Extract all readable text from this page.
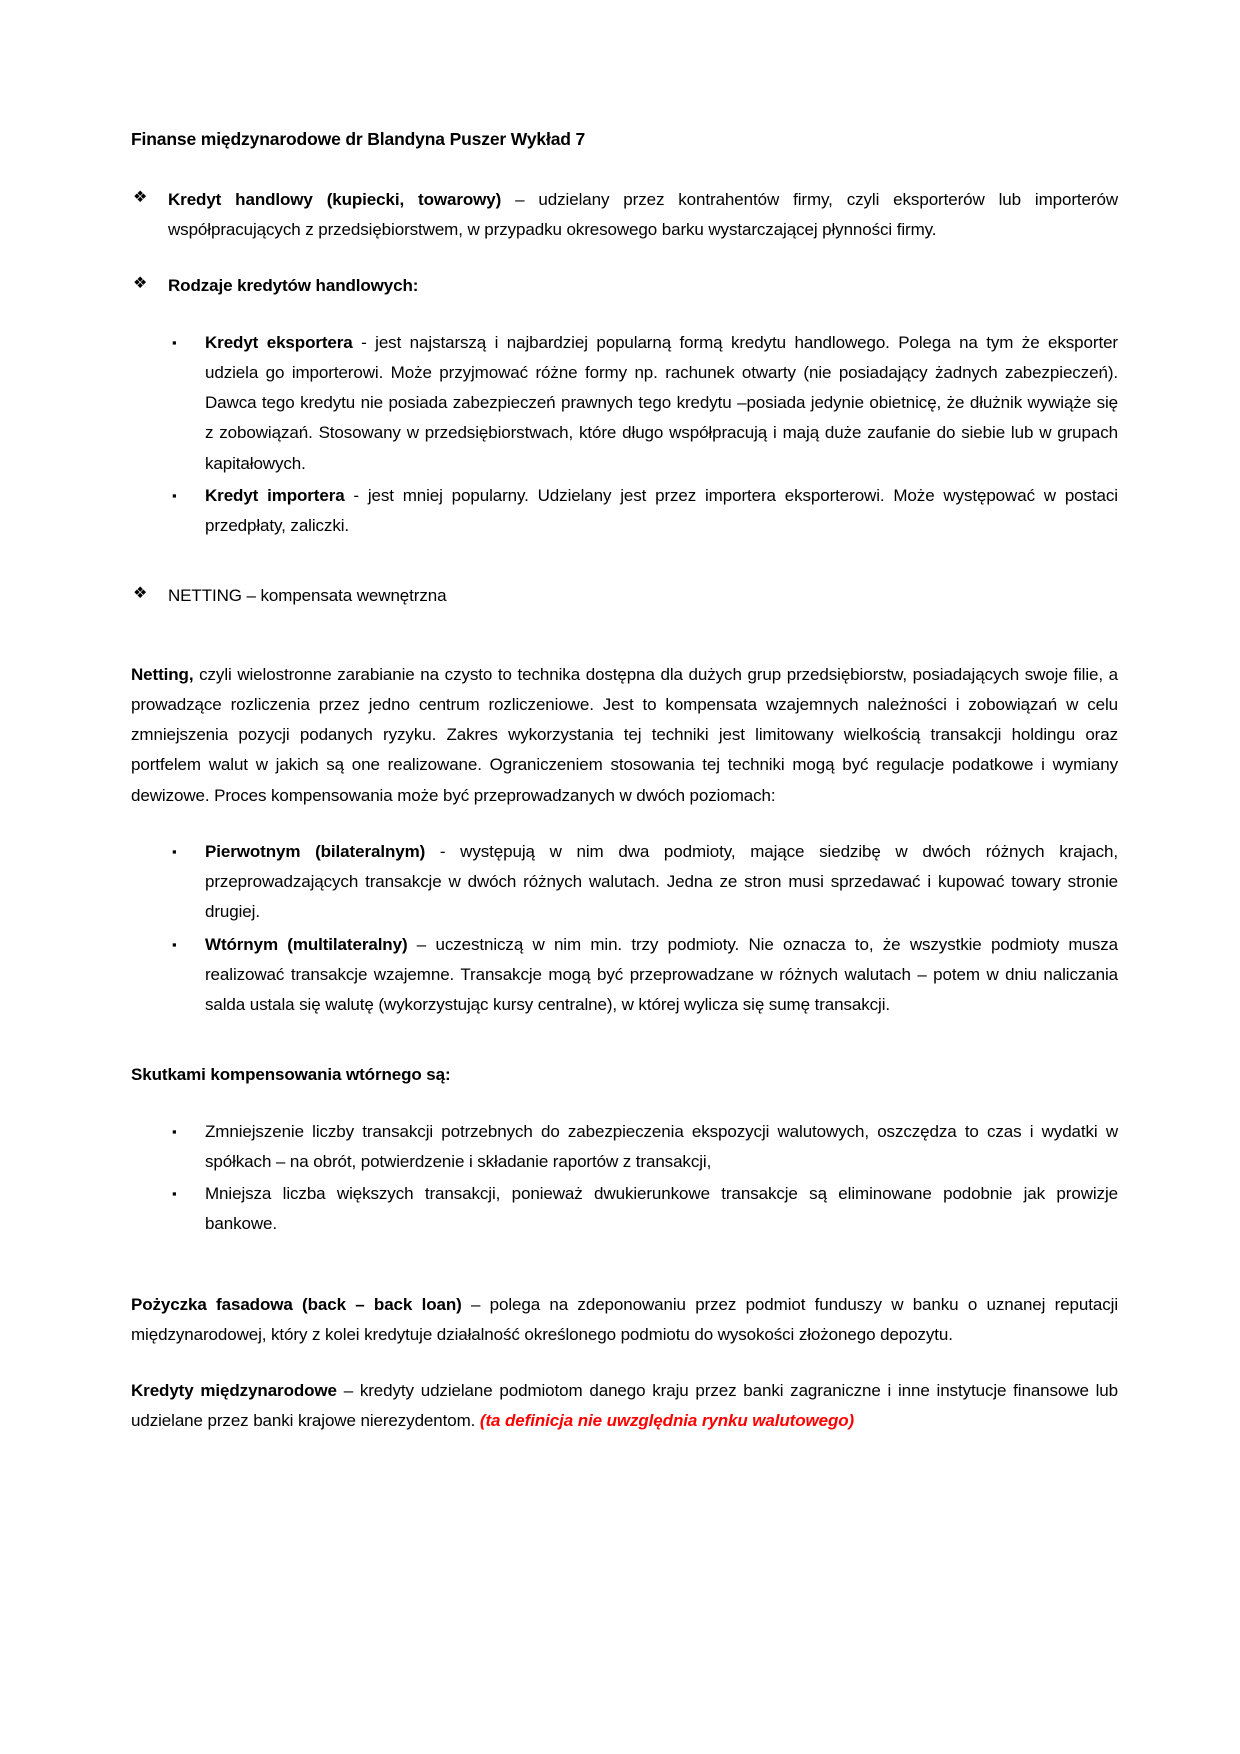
Finanse międzynarodowe dr Blandyna Puszer Wykład 7
❖ Kredyt handlowy (kupiecki, towarowy) – udzielany przez kontrahentów firmy, czyli eksporterów lub importerów współpracujących z przedsiębiorstwem, w przypadku okresowego barku wystarczającej płynności firmy.
❖ Rodzaje kredytów handlowych:
▪ Kredyt eksportera - jest najstarszą i najbardziej popularną formą kredytu handlowego. Polega na tym że eksporter udziela go importerowi. Może przyjmować różne formy np. rachunek otwarty (nie posiadający żadnych zabezpieczeń). Dawca tego kredytu nie posiada zabezpieczeń prawnych tego kredytu –posiada jedynie obietnicę, że dłużnik wywiąże się z zobowiązań. Stosowany w przedsiębiorstwach, które długo współpracują i mają duże zaufanie do siebie lub w grupach kapitałowych.
▪ Kredyt importera - jest mniej popularny. Udzielany jest przez importera eksporterowi. Może występować w postaci przedpłaty, zaliczki.
❖ NETTING – kompensata wewnętrzna

Netting, czyli wielostronne zarabianie na czysto to technika dostępna dla dużych grup przedsiębiorstw, posiadających swoje filie, a prowadzące rozliczenia przez jedno centrum rozliczeniowe. Jest to kompensata wzajemnych należności i zobowiązań w celu zmniejszenia pozycji podanych ryzyku. Zakres wykorzystania tej techniki jest limitowany wielkością transakcji holdingu oraz portfelem walut w jakich są one realizowane. Ograniczeniem stosowania tej techniki mogą być regulacje podatkowe i wymiany dewizowe. Proces kompensowania może być przeprowadzanych w dwóch poziomach:

▪ Pierwotnym (bilateralnym) - występują w nim dwa podmioty, mające siedzibę w dwóch różnych krajach, przeprowadzających transakcje w dwóch różnych walutach. Jedna ze stron musi sprzedawać i kupować towary stronie drugiej.
▪ Wtórnym (multilateralny) – uczestniczą w nim min. trzy podmioty. Nie oznacza to, że wszystkie podmioty musza realizować transakcje wzajemne. Transakcje mogą być przeprowadzane w różnych walutach – potem w dniu naliczania salda ustala się walutę (wykorzystując kursy centralne), w której wylicza się sumę transakcji.

Skutkami kompensowania wtórnego są:

▪ Zmniejszenie liczby transakcji potrzebnych do zabezpieczenia ekspozycji walutowych, oszczędza to czas i wydatki w spółkach – na obrót, potwierdzenie i składanie raportów z transakcji,
▪ Mniejsza liczba większych transakcji, ponieważ dwukierunkowe transakcje są eliminowane podobnie jak prowizje bankowe.

Pożyczka fasadowa (back – back loan) – polega na zdeponowaniu przez podmiot funduszy w banku o uznanej reputacji międzynarodowej, który z kolei kredytuje działalność określonego podmiotu do wysokości złożonego depozytu.

Kredyty międzynarodowe – kredyty udzielane podmiotom danego kraju przez banki zagraniczne i inne instytucje finansowe lub udzielane przez banki krajowe nierezydentom. (ta definicja nie uwzględnia rynku walutowego)
